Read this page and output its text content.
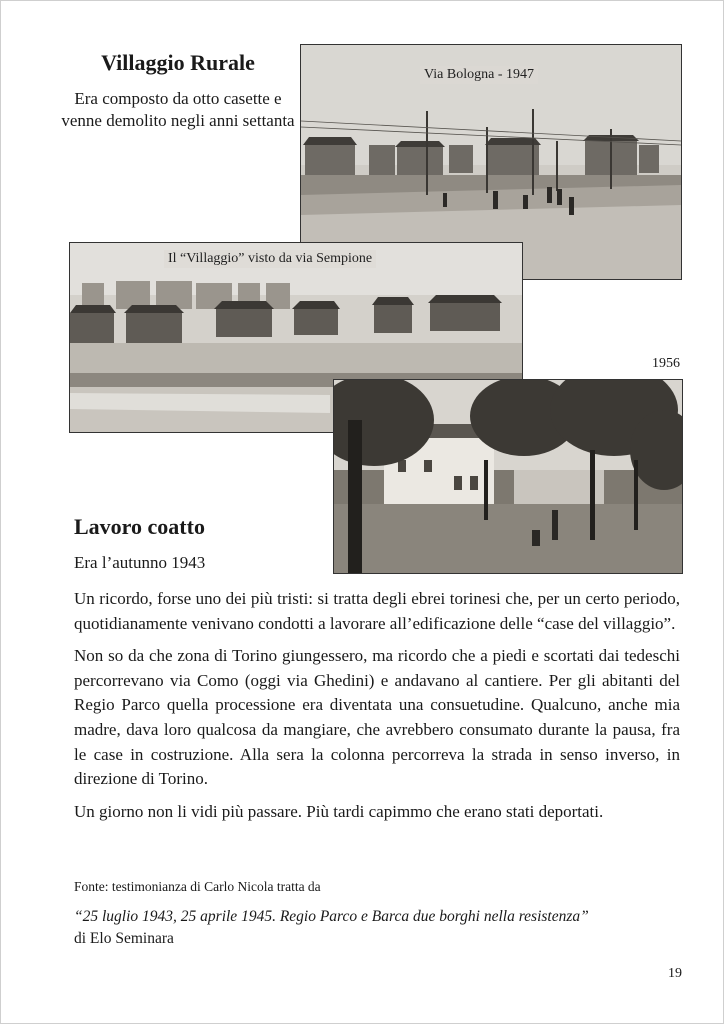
Villaggio Rurale
Era composto da otto casette e venne demolito negli anni settanta
Via Bologna - 1947
Il “Villaggio” visto da via Sempione
1956
Lavoro coatto
Era l’autunno 1943

Un ricordo, forse uno dei più tristi: si tratta degli ebrei torinesi che, per un certo periodo, quotidianamente venivano condotti a lavorare all’edificazione delle “case del villaggio”.

Non so da che zona di Torino giungessero, ma ricordo che a piedi e scortati dai tedeschi percorrevano via Como (oggi via Ghedini) e andavano al cantiere. Per gli abitanti del Regio Parco quella processione era diventata una consuetudine. Qualcuno, anche mia madre, dava loro qualcosa da mangiare, che avrebbero consumato durante la pausa, fra le case in costruzione. Alla sera la colonna percorreva la strada in senso inverso, in direzione di Torino.

Un giorno non li vidi più passare. Più tardi capimmo che erano stati deportati.

Fonte: testimonianza di Carlo Nicola tratta da
“25 luglio 1943, 25 aprile 1945. Regio Parco e Barca due borghi nella resistenza”
di Elo Seminara
19
